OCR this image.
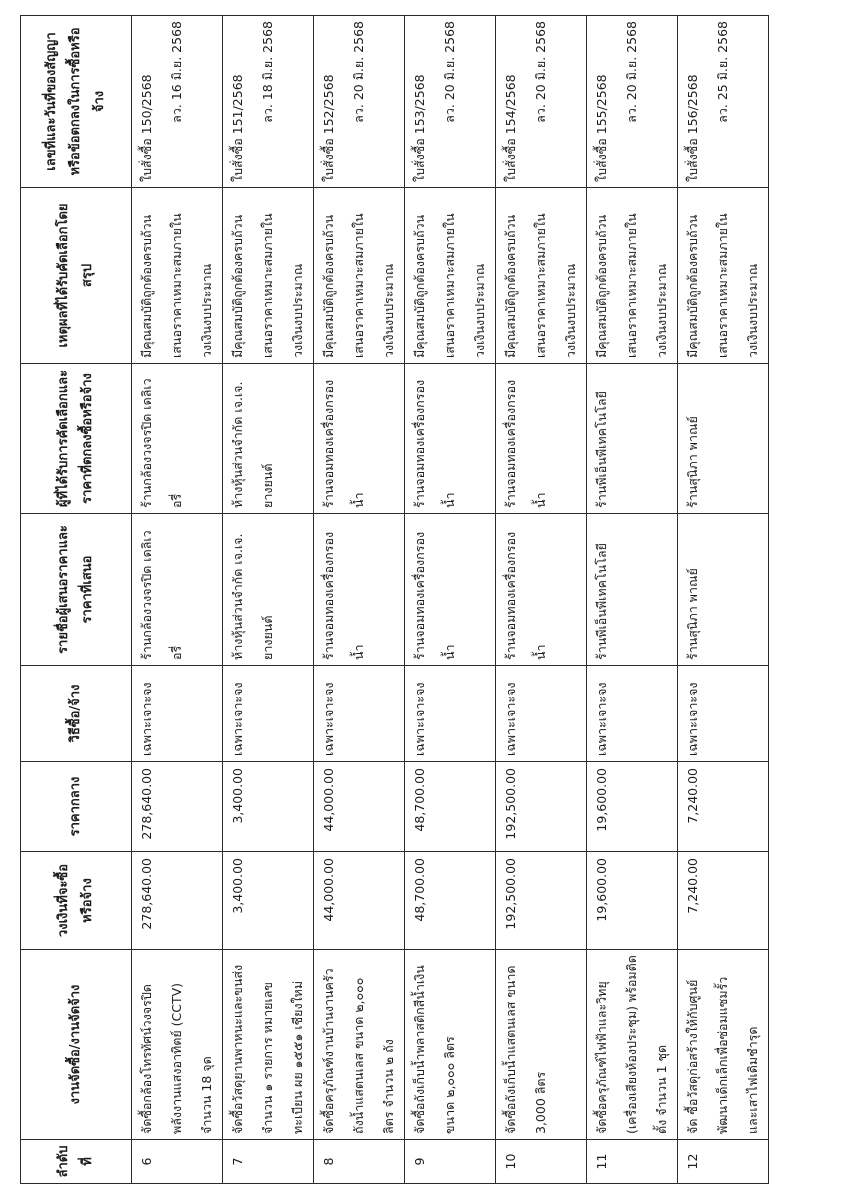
ลำดับที่	งานจัดซื้อ/งานจัดจ้าง	วงเงินที่จะซื้อหรือจ้าง	ราคากลาง	วิธีซื้อ/จ้าง	รายชื่อผู้เสนอราคาและราคาที่เสนอ	ผู้ที่ได้รับการคัดเลือกและราคาที่ตกลงซื้อหรือจ้าง	เหตุผลที่ได้รับคัดเลือกโดยสรุป	เลขที่และวันที่ของสัญญาหรือข้อตกลงในการซื้อหรือจ้าง
6	จัดซื้อกล้องโทรทัศน์วงจรปิด พลังงานแสงอาทิตย์ (CCTV) จำนวน 18 จุด	278,640.00	278,640.00	เฉพาะเจาะจง	ร้านกล้องวงจรปิด เดลิเวอรี่	ร้านกล้องวงจรปิด เดลิเวอรี่	มีคุณสมบัติถูกต้องครบถ้วน เสนอราคาเหมาะสมภายในวงเงินงบประมาณ	ใบสั่งซื้อ 150/2568
ลว. 16 มิ.ย. 2568

7	จัดซื้อวัสดุยานพาหนะและขนส่ง จำนวน ๑ รายการ หมายเลขทะเบียน ผย ๑๕๕๑ เชียงใหม่	3,400.00	3,400.00	เฉพาะเจาะจง	ห้างหุ้นส่วนจำกัด เจ.เจ. ยางยนต์	ห้างหุ้นส่วนจำกัด เจ.เจ. ยางยนต์	มีคุณสมบัติถูกต้องครบถ้วน เสนอราคาเหมาะสมภายในวงเงินงบประมาณ	ใบสั่งซื้อ 151/2568
ลว. 18 มิ.ย. 2568

8	จัดซื้อครุภัณฑ์งานบ้านงานครัว ถังน้ำแสตนเลส ขนาด ๒,๐๐๐ ลิตร จำนวน ๒ ถัง	44,000.00	44,000.00	เฉพาะเจาะจง	ร้านจอมทองเครื่องกรองน้ำ	ร้านจอมทองเครื่องกรองน้ำ	มีคุณสมบัติถูกต้องครบถ้วน เสนอราคาเหมาะสมภายในวงเงินงบประมาณ	ใบสั่งซื้อ 152/2568
ลว. 20 มิ.ย. 2568

9	จัดซื้อถังเก็บน้ำพลาสติกสีน้ำเงิน ขนาด ๒,๐๐๐ ลิตร	48,700.00	48,700.00	เฉพาะเจาะจง	ร้านจอมทองเครื่องกรองน้ำ	ร้านจอมทองเครื่องกรองน้ำ	มีคุณสมบัติถูกต้องครบถ้วน เสนอราคาเหมาะสมภายในวงเงินงบประมาณ	ใบสั่งซื้อ 153/2568
ลว. 20 มิ.ย. 2568

10	จัดซื้อถังเก็บน้ำแสตนเลส ขนาด 3,000 ลิตร	192,500.00	192,500.00	เฉพาะเจาะจง	ร้านจอมทองเครื่องกรองน้ำ	ร้านจอมทองเครื่องกรองน้ำ	มีคุณสมบัติถูกต้องครบถ้วน เสนอราคาเหมาะสมภายในวงเงินงบประมาณ	ใบสั่งซื้อ 154/2568
ลว. 20 มิ.ย. 2568

11	จัดซื้อครุภัณฑ์ไฟฟ้าและวิทยุ (เครื่องเสียงห้องประชุม) พร้อมติดตั้ง จำนวน 1 ชุด	19,600.00	19,600.00	เฉพาะเจาะจง	ร้านพีเอ็นพีเทคโนโลยี	ร้านพีเอ็นพีเทคโนโลยี	มีคุณสมบัติถูกต้องครบถ้วน เสนอราคาเหมาะสมภายในวงเงินงบประมาณ	ใบสั่งซื้อ 155/2568
ลว. 20 มิ.ย. 2568

12	จัด ซื้อวัสดุก่อสร้างให้กับศูนย์พัฒนาเด็กเล็กเพื่อซ่อมแซมรั้วและเสาไฟเดิมชำรุด	7,240.00	7,240.00	เฉพาะเจาะจง	ร้านสุนิภา พาณย์	ร้านสุนิภา พาณย์	มีคุณสมบัติถูกต้องครบถ้วน เสนอราคาเหมาะสมภายในวงเงินงบประมาณ	ใบสั่งซื้อ 156/2568
ลว. 25 มิ.ย. 2568
